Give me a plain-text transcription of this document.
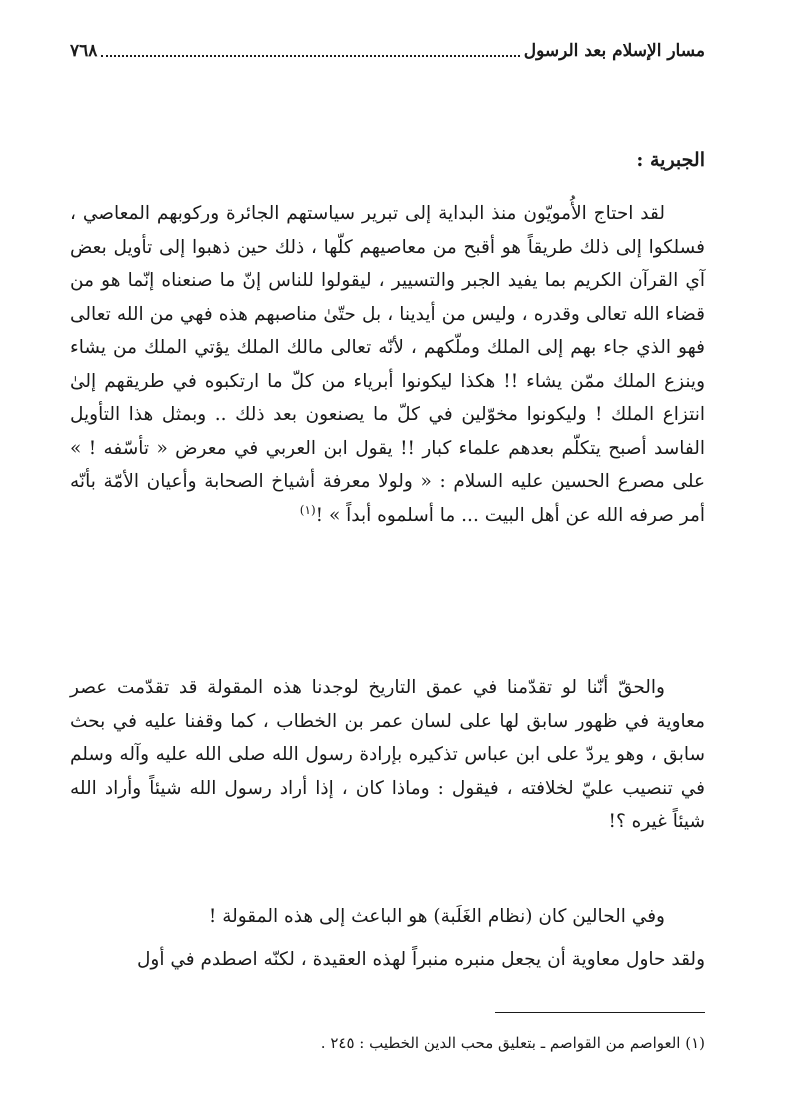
مسار الإسلام بعد الرسول
٧٦٨
الجبرية :

لقد احتاج الأُمويّون منذ البداية إلى تبرير سياستهم الجائرة وركوبهم المعاصي ، فسلكوا إلى ذلك طريقاً هو أقبح من معاصيهم كلّها ، ذلك حين ذهبوا إلى تأويل بعض آي القرآن الكريم بما يفيد الجبر والتسيير ، ليقولوا للناس إنّ ما صنعناه إنّما هو من قضاء الله تعالى وقدره ، وليس من أيدينا ، بل حتّىٰ مناصبهم هذه فهي من الله تعالى فهو الذي جاء بهم إلى الملك وملّكهم ، لأنّه تعالى مالك الملك يؤتي الملك من يشاء وينزع الملك ممّن يشاء !! هكذا ليكونوا أبرياء من كلّ ما ارتكبوه في طريقهم إلىٰ انتزاع الملك ! وليكونوا مخوّلين في كلّ ما يصنعون بعد ذلك .. وبمثل هذا التأويل الفاسد أصبح يتكلّم بعدهم علماء كبار !! يقول ابن العربي في معرض « تأسّفه ! » على مصرع الحسين عليه السلام : « ولولا معرفة أشياخ الصحابة وأعيان الأمّة بأنّه أمر صرفه الله عن أهل البيت ... ما أسلموه أبداً » !$^{(١)}$

والحقّ أنّنا لو تقدّمنا في عمق التاريخ لوجدنا هذه المقولة قد تقدّمت عصر معاوية في ظهور سابق لها على لسان عمر بن الخطاب ، كما وقفنا عليه في بحث سابق ، وهو يردّ على ابن عباس تذكيره بإرادة رسول الله صلى الله عليه وآله وسلم في تنصيب عليّ لخلافته ، فيقول : وماذا كان ، إذا أراد رسول الله شيئاً وأراد الله شيئاً غيره ؟!

وفي الحالين كان (نظام الغَلَبة) هو الباعث إلى هذه المقولة !

ولقد حاول معاوية أن يجعل منبره منبراً لهذه العقيدة ، لكنّه اصطدم في أول

(١) العواصم من القواصم ـ بتعليق محب الدين الخطيب : ٢٤٥ .
